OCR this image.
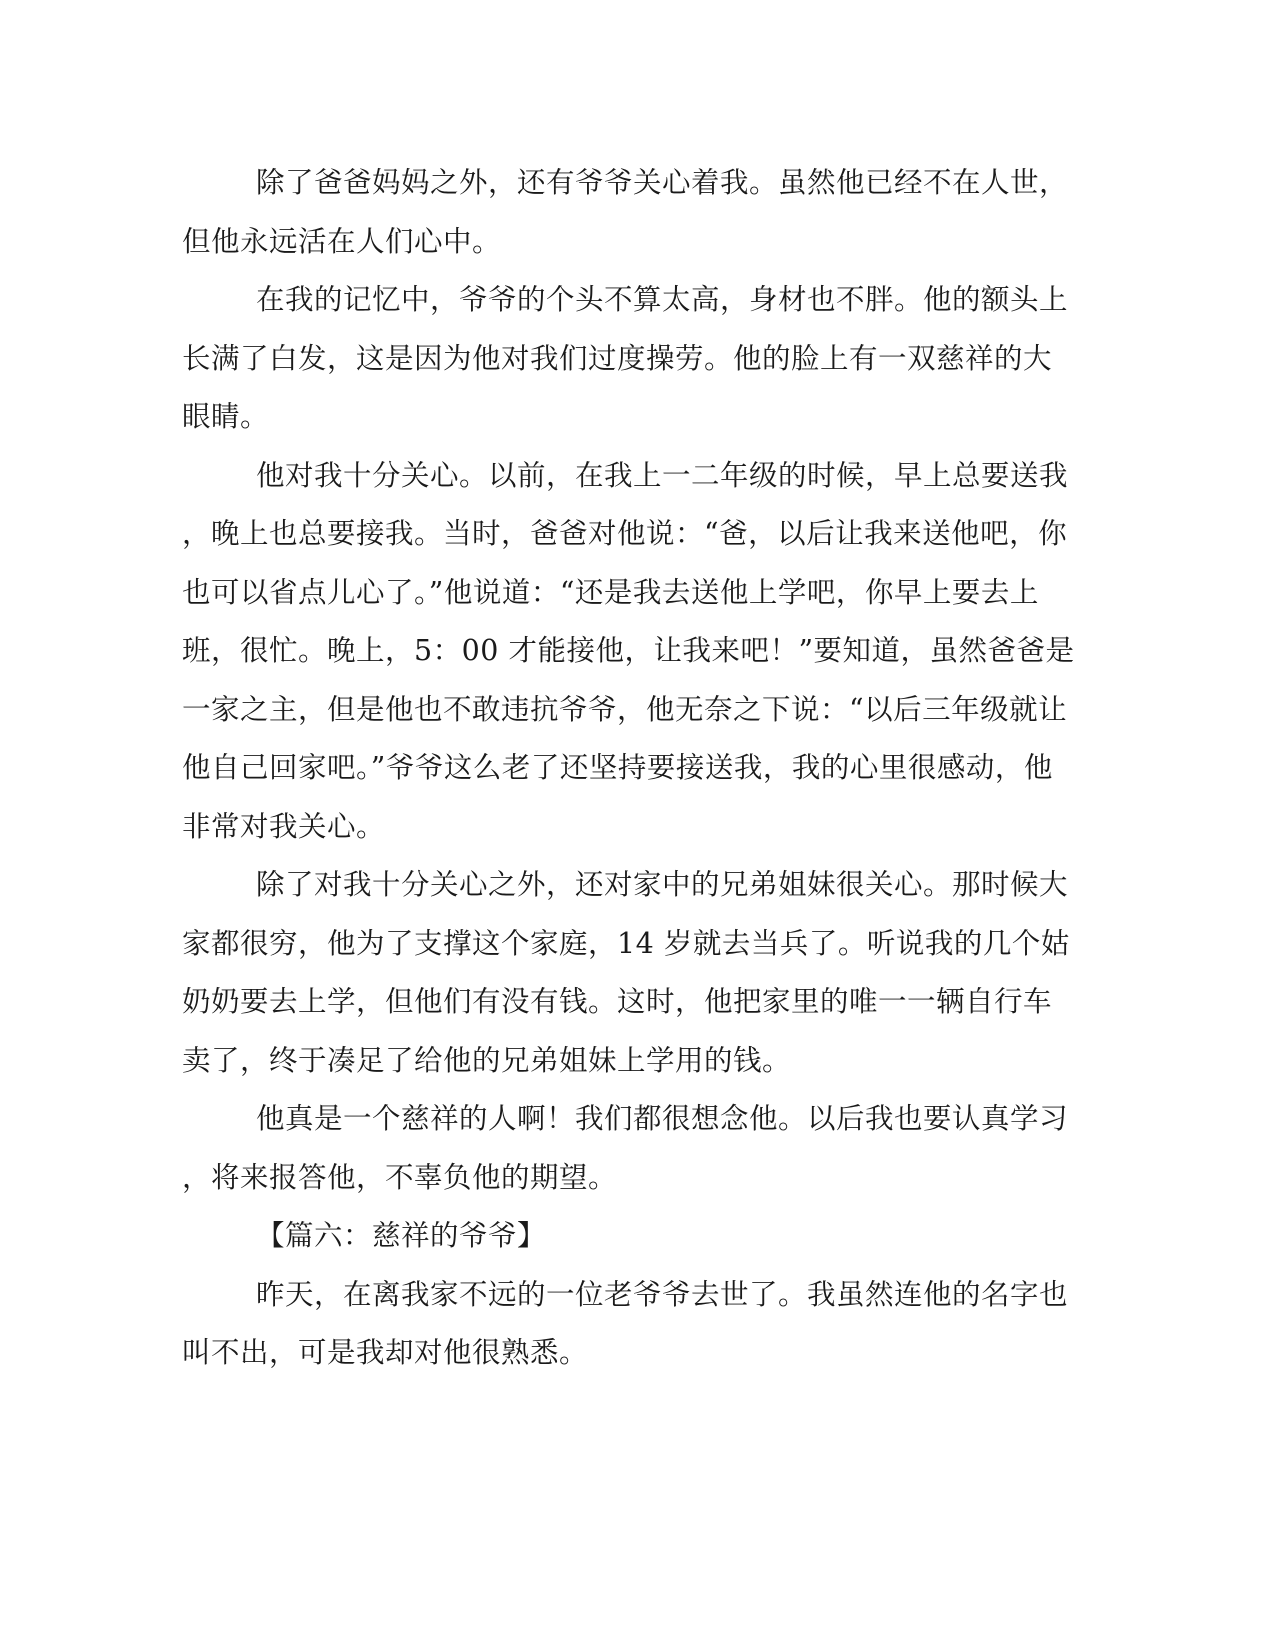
除了爸爸妈妈之外，还有爷爷关心着我。虽然他已经不在人世，
但他永远活在人们心中。
在我的记忆中，爷爷的个头不算太高，身材也不胖。他的额头上
长满了白发，这是因为他对我们过度操劳。他的脸上有一双慈祥的大
眼睛。
他对我十分关心。以前，在我上一二年级的时候，早上总要送我
，晚上也总要接我。当时，爸爸对他说：“爸，以后让我来送他吧，你
也可以省点儿心了。”他说道：“还是我去送他上学吧，你早上要去上
班，很忙。晚上，5：00 才能接他，让我来吧！”要知道，虽然爸爸是
一家之主，但是他也不敢违抗爷爷，他无奈之下说：“以后三年级就让
他自己回家吧。”爷爷这么老了还坚持要接送我，我的心里很感动，他
非常对我关心。
除了对我十分关心之外，还对家中的兄弟姐妹很关心。那时候大
家都很穷，他为了支撑这个家庭，14 岁就去当兵了。听说我的几个姑
奶奶要去上学，但他们有没有钱。这时，他把家里的唯一一辆自行车
卖了，终于凑足了给他的兄弟姐妹上学用的钱。
他真是一个慈祥的人啊！我们都很想念他。以后我也要认真学习
，将来报答他，不辜负他的期望。
【篇六：慈祥的爷爷】
昨天，在离我家不远的一位老爷爷去世了。我虽然连他的名字也
叫不出，可是我却对他很熟悉。
